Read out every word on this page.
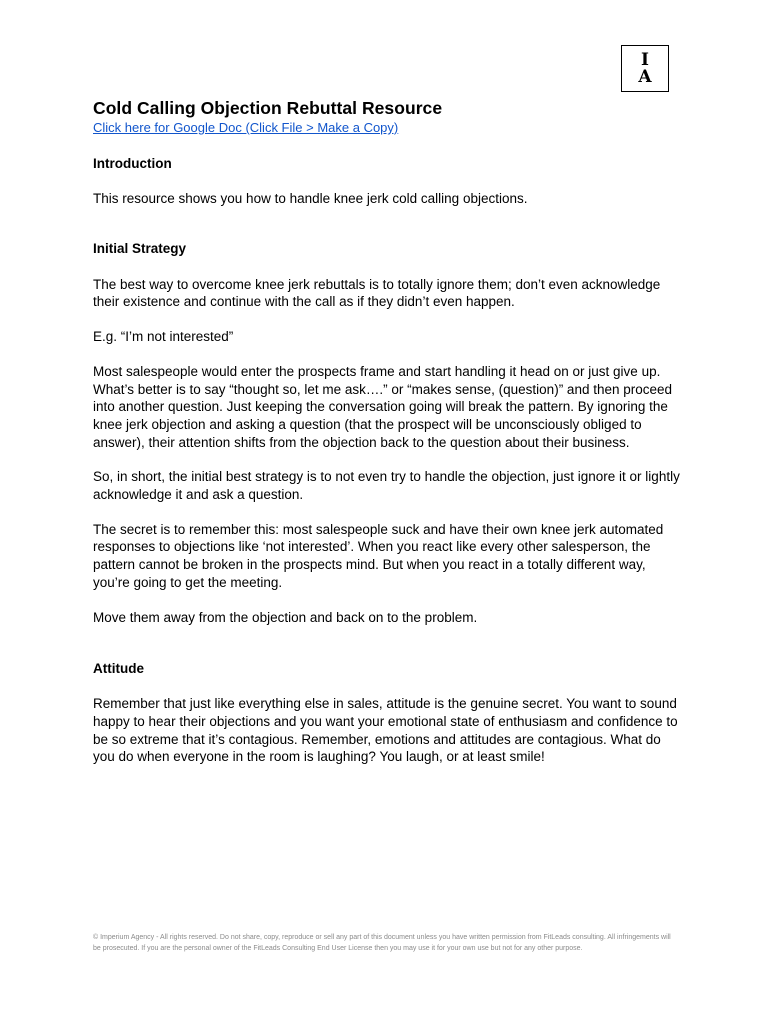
I
A
Cold Calling Objection Rebuttal Resource
Click here for Google Doc (Click File > Make a Copy)
Introduction

This resource shows you how to handle knee jerk cold calling objections.

Initial Strategy

The best way to overcome knee jerk rebuttals is to totally ignore them; don’t even acknowledge their existence and continue with the call as if they didn’t even happen.

E.g. “I’m not interested”

Most salespeople would enter the prospects frame and start handling it head on or just give up. What’s better is to say “thought so, let me ask….” or “makes sense, (question)” and then proceed into another question. Just keeping the conversation going will break the pattern. By ignoring the knee jerk objection and asking a question (that the prospect will be unconsciously obliged to answer), their attention shifts from the objection back to the question about their business.

So, in short, the initial best strategy is to not even try to handle the objection, just ignore it or lightly acknowledge it and ask a question.

The secret is to remember this: most salespeople suck and have their own knee jerk automated responses to objections like ‘not interested’. When you react like every other salesperson, the pattern cannot be broken in the prospects mind. But when you react in a totally different way, you’re going to get the meeting.

Move them away from the objection and back on to the problem.

Attitude

Remember that just like everything else in sales, attitude is the genuine secret. You want to sound happy to hear their objections and you want your emotional state of enthusiasm and confidence to be so extreme that it’s contagious. Remember, emotions and attitudes are contagious. What do you do when everyone in the room is laughing? You laugh, or at least smile!

© Imperium Agency - All rights reserved. Do not share, copy, reproduce or sell any part of this document unless you have written permission from FitLeads consulting. All infringements will be prosecuted. If you are the personal owner of the FitLeads Consulting End User License then you may use it for your own use but not for any other purpose.
